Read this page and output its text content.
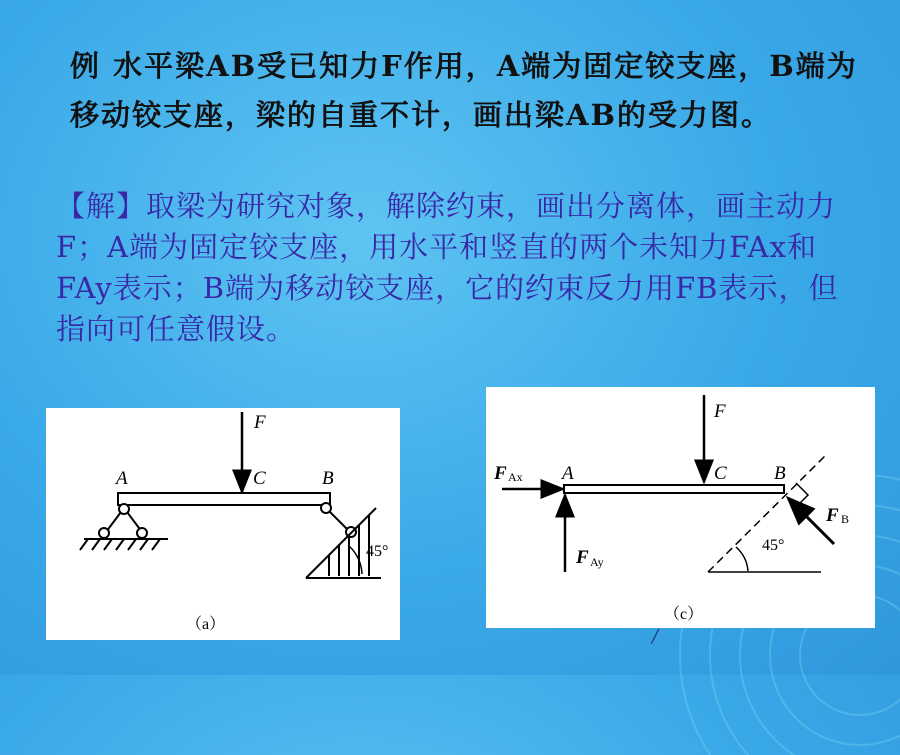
例 水平梁AB受已知力F作用，A端为固定铰支座，B端为移动铰支座，梁的自重不计，画出梁AB的受力图。
【解】取梁为研究对象，解除约束，画出分离体，画主动力F；A端为固定铰支座，用水平和竖直的两个未知力FAx和FAy表示；B端为移动铰支座，它的约束反力用FB表示，但指向可任意假设。
F
A	C	B
45°
（a）
F
A	C B
F Ax
F Ay
45°
F B
（c）
/
